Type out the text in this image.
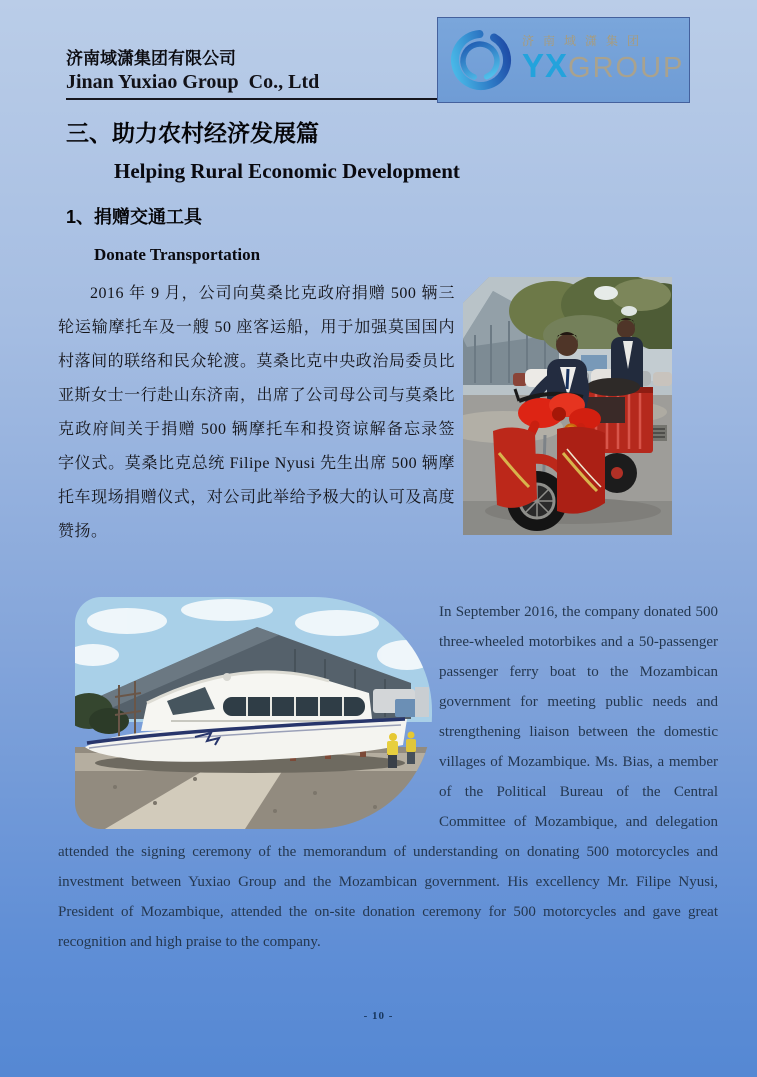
济南域潇集团
YXGROUP
济南域潇集团有限公司
Jinan Yuxiao Group  Co., Ltd
三、助力农村经济发展篇
Helping Rural Economic Development
1、捐赠交通工具
Donate Transportation

2016 年 9 月，公司向莫桑比克政府捐赠 500 辆三轮运输摩托车及一艘 50 座客运船，用于加强莫国国内村落间的联络和民众轮渡。莫桑比克中央政治局委员比亚斯女士一行赴山东济南，出席了公司母公司与莫桑比克政府间关于捐赠 500 辆摩托车和投资谅解备忘录签字仪式。莫桑比克总统 Filipe Nyusi 先生出席 500 辆摩托车现场捐赠仪式，对公司此举给予极大的认可及高度赞扬。

In September 2016, the company donated 500 three-wheeled motorbikes and a 50-passenger passenger ferry boat to the Mozambican government for meeting public needs and strengthening liaison between the domestic villages of Mozambique. Ms. Bias, a member of the Political Bureau of the Central Committee of Mozambique, and delegation attended the signing ceremony of the memorandum of understanding on donating 500 motorcycles and investment between Yuxiao Group and the Mozambican government. His excellency Mr. Filipe Nyusi, President of Mozambique, attended the on-site donation ceremony for 500 motorcycles and gave great recognition and high praise to the company.

- 10 -
